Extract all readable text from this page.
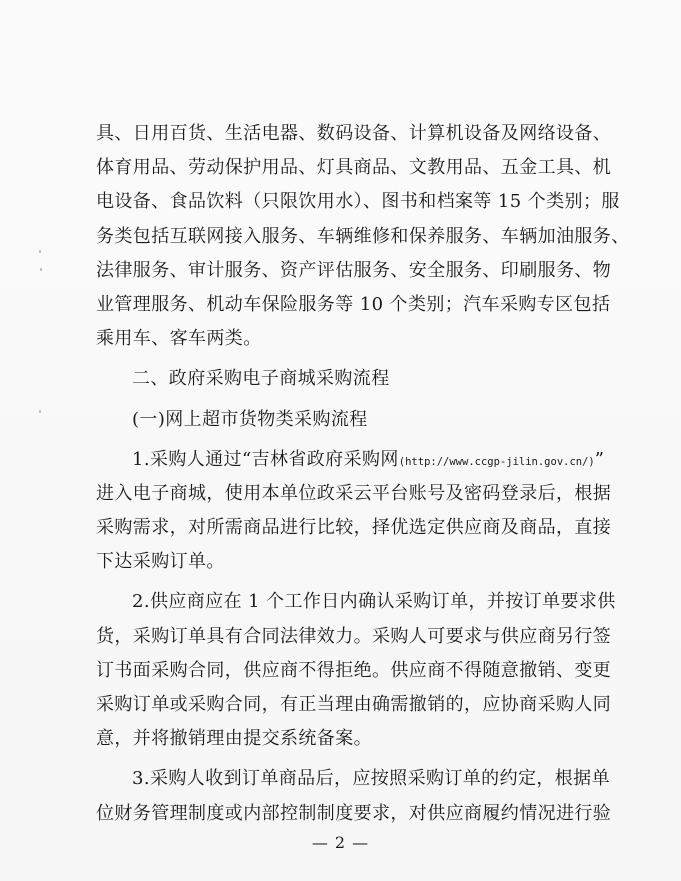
具、日用百货、生活电器、数码设备、计算机设备及网络设备、
体育用品、劳动保护用品、灯具商品、文教用品、五金工具、机
电设备、食品饮料（只限饮用水）、图书和档案等 15 个类别；服
务类包括互联网接入服务、车辆维修和保养服务、车辆加油服务、
法律服务、审计服务、资产评估服务、安全服务、印刷服务、物
业管理服务、机动车保险服务等 10 个类别；汽车采购专区包括
乘用车、客车两类。
二、政府采购电子商城采购流程
(一)网上超市货物类采购流程
1.采购人通过“吉林省政府采购网(http://www.ccgp-jilin.gov.cn/)”
进入电子商城，使用本单位政采云平台账号及密码登录后，根据
采购需求，对所需商品进行比较，择优选定供应商及商品，直接
下达采购订单。
2.供应商应在 1 个工作日内确认采购订单，并按订单要求供
货，采购订单具有合同法律效力。采购人可要求与供应商另行签
订书面采购合同，供应商不得拒绝。供应商不得随意撤销、变更
采购订单或采购合同，有正当理由确需撤销的，应协商采购人同
意，并将撤销理由提交系统备案。
3.采购人收到订单商品后，应按照采购订单的约定，根据单
位财务管理制度或内部控制制度要求，对供应商履约情况进行验
— 2 —
